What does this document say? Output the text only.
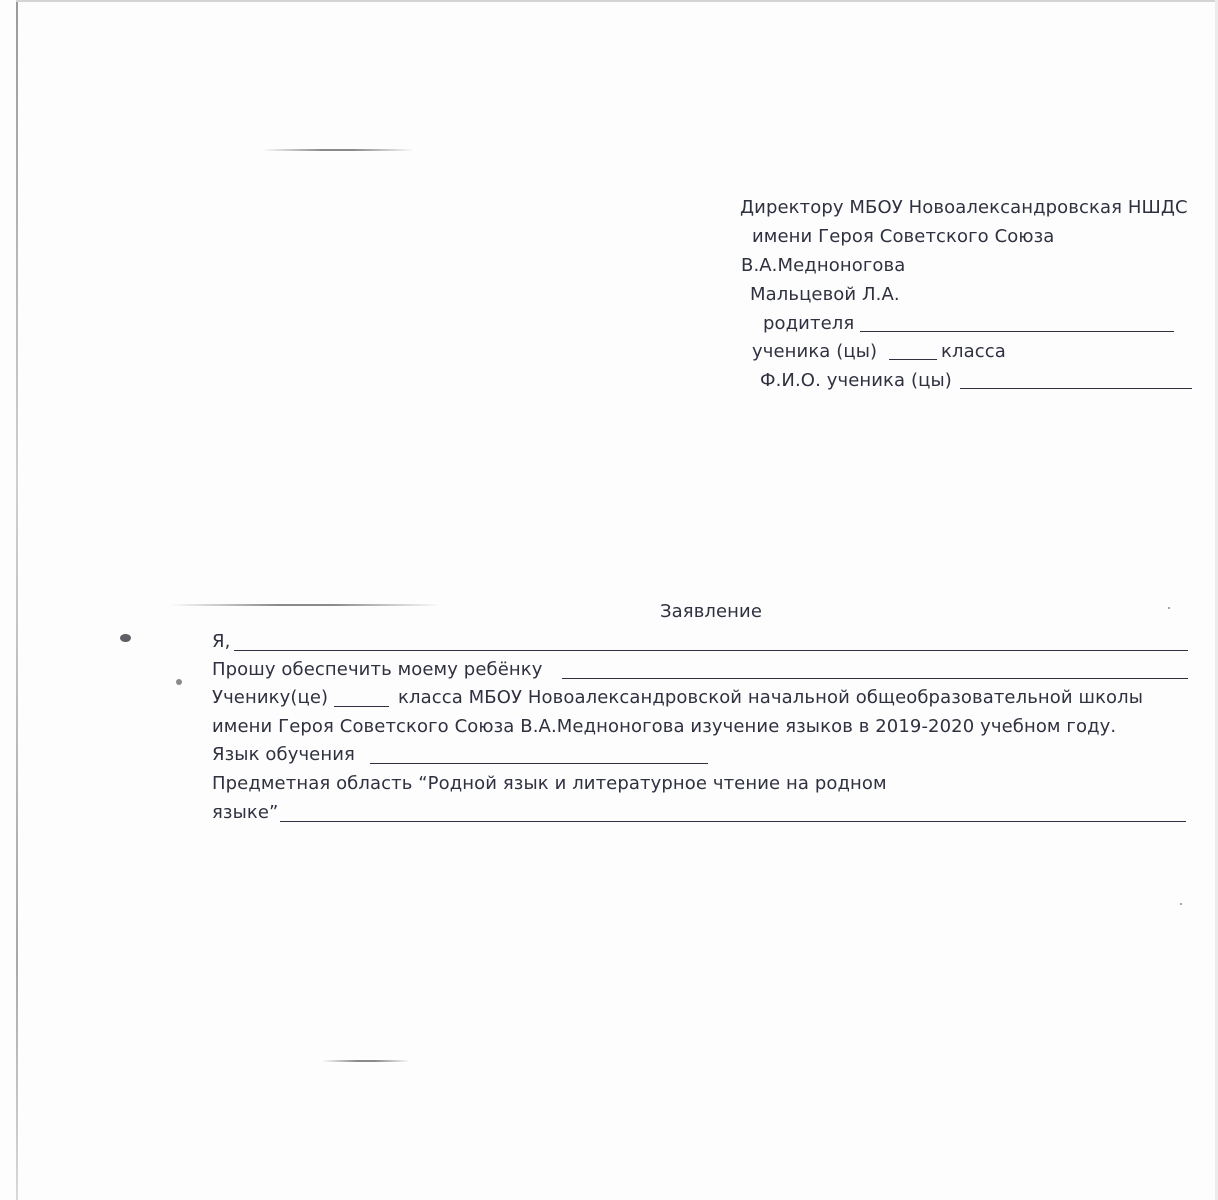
Директору МБОУ Новоалександровская НШДС
имени Героя Советского Союза
В.А.Медноногова
Мальцевой Л.А.
родителя
ученика (цы)	класса
Ф.И.О. ученика (цы)
Заявление
Я,
Прошу обеспечить моему ребёнку
Ученику(це)	класса МБОУ Новоалександровской начальной общеобразовательной школы
имени Героя Советского Союза В.А.Медноногова изучение языков в 2019-2020 учебном году.
Язык обучения
Предметная область “Родной язык и литературное чтение на родном
языке”
